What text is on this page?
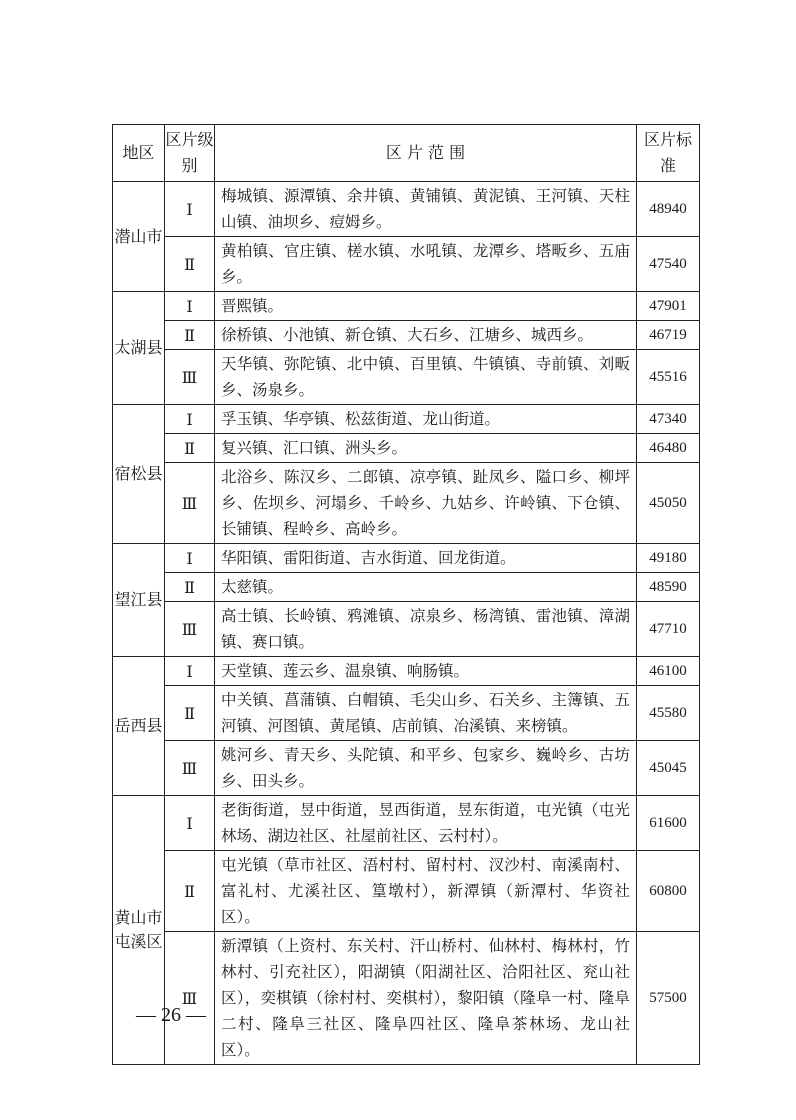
地区	区片级别	区 片 范 围	区片标准
潜山市	Ⅰ	梅城镇、源潭镇、余井镇、黄铺镇、黄泥镇、王河镇、天柱山镇、油坝乡、痘姆乡。	48940
	Ⅱ	黄柏镇、官庄镇、槎水镇、水吼镇、龙潭乡、塔畈乡、五庙乡。	47540
太湖县	Ⅰ	晋熙镇。	47901
	Ⅱ	徐桥镇、小池镇、新仓镇、大石乡、江塘乡、城西乡。	46719
	Ⅲ	天华镇、弥陀镇、北中镇、百里镇、牛镇镇、寺前镇、刘畈乡、汤泉乡。	45516
宿松县	Ⅰ	孚玉镇、华亭镇、松兹街道、龙山街道。	47340
	Ⅱ	复兴镇、汇口镇、洲头乡。	46480
	Ⅲ	北浴乡、陈汉乡、二郎镇、凉亭镇、趾凤乡、隘口乡、柳坪乡、佐坝乡、河塌乡、千岭乡、九姑乡、许岭镇、下仓镇、长铺镇、程岭乡、高岭乡。	45050
望江县	Ⅰ	华阳镇、雷阳街道、吉水街道、回龙街道。	49180
	Ⅱ	太慈镇。	48590
	Ⅲ	高士镇、长岭镇、鸦滩镇、凉泉乡、杨湾镇、雷池镇、漳湖镇、赛口镇。	47710
岳西县	Ⅰ	天堂镇、莲云乡、温泉镇、响肠镇。	46100
	Ⅱ	中关镇、菖蒲镇、白帽镇、毛尖山乡、石关乡、主簿镇、五河镇、河图镇、黄尾镇、店前镇、冶溪镇、来榜镇。	45580
	Ⅲ	姚河乡、青天乡、头陀镇、和平乡、包家乡、巍岭乡、古坊乡、田头乡。	45045
黄山市屯溪区	Ⅰ	老街街道，昱中街道，昱西街道，昱东街道，屯光镇（屯光林场、湖边社区、社屋前社区、云村村）。	61600
	Ⅱ	屯光镇（草市社区、浯村村、留村村、汊沙村、南溪南村、富礼村、尤溪社区、篁墩村），新潭镇（新潭村、华资社区）。	60800
	Ⅲ	新潭镇（上资村、东关村、汗山桥村、仙林村、梅林村，竹林村、引充社区），阳湖镇（阳湖社区、洽阳社区、兖山社区），奕棋镇（徐村村、奕棋村），黎阳镇（隆阜一村、隆阜二村、隆阜三社区、隆阜四社区、隆阜茶林场、龙山社区）。	57500
— 26 —
